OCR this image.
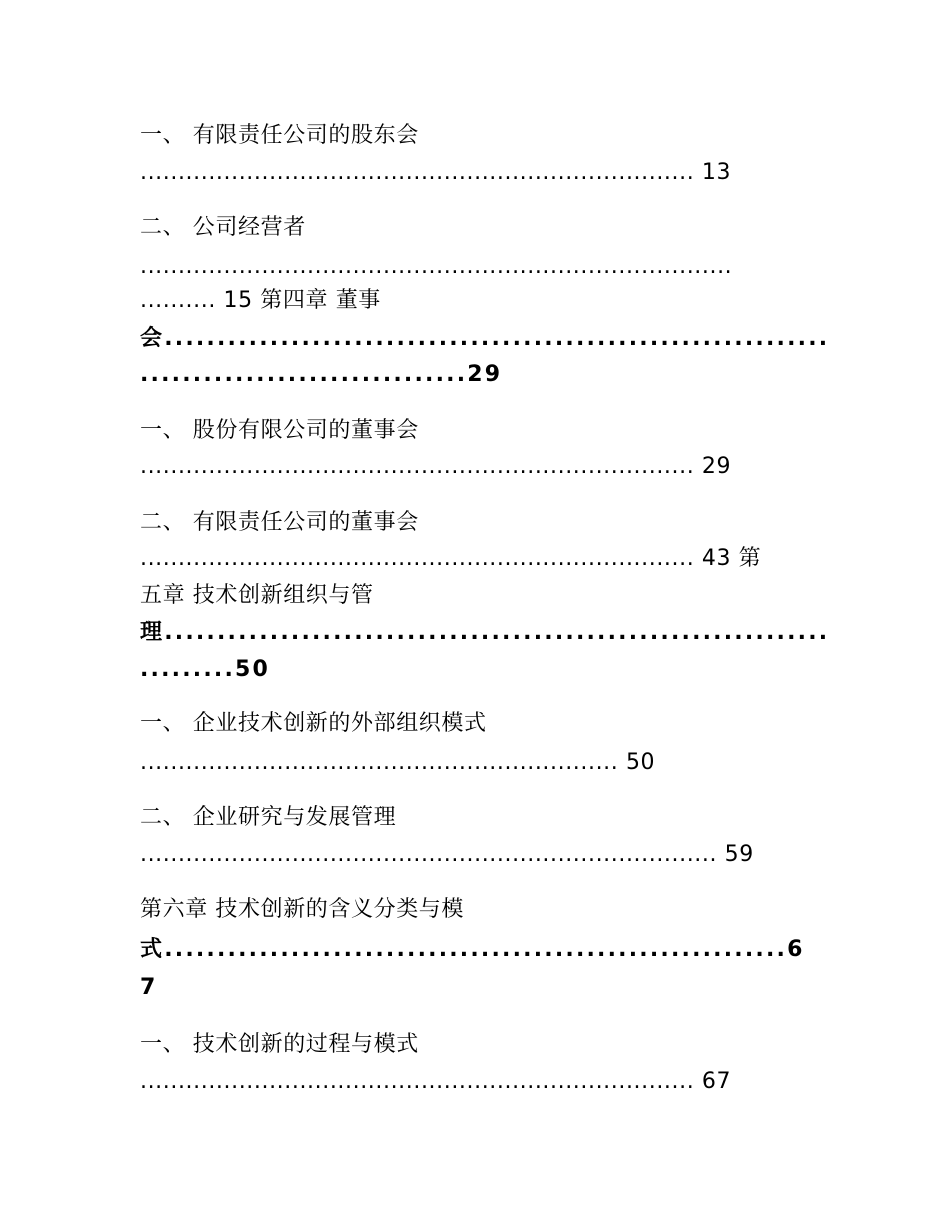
一、 有限责任公司的股东会

......................................................................... 13

二、 公司经营者

..............................................................................

.......... 15 第四章 董事

会...............................................................

...............................29

一、 股份有限公司的董事会

......................................................................... 29

二、 有限责任公司的董事会

......................................................................... 43 第

五章 技术创新组织与管

理...............................................................

.........50

一、 企业技术创新的外部组织模式

............................................................... 50

二、 企业研究与发展管理

............................................................................ 59

第六章 技术创新的含义分类与模

式...........................................................6

7

一、 技术创新的过程与模式

......................................................................... 67
